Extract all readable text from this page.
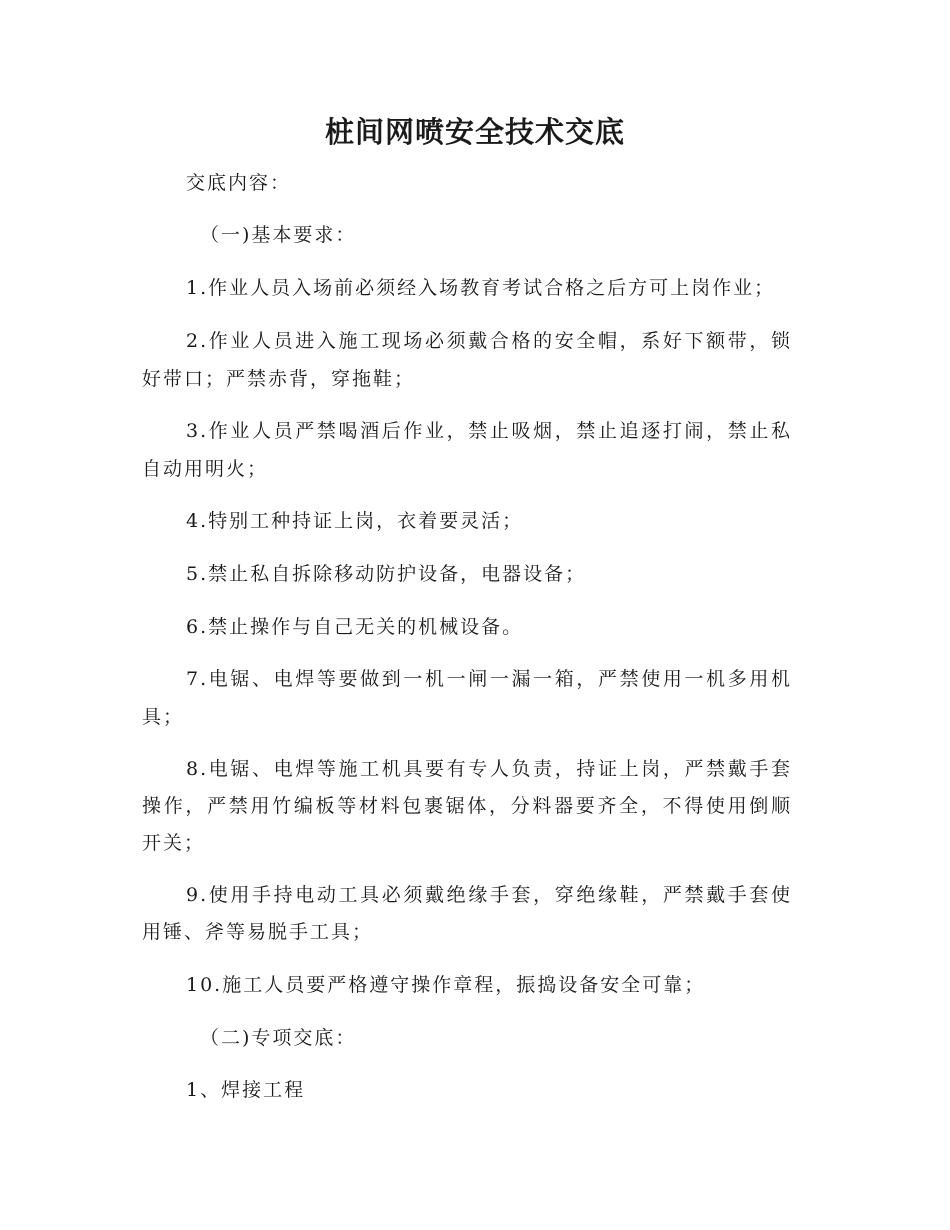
桩间网喷安全技术交底
交底内容：
（一)基本要求：
1.作业人员入场前必须经入场教育考试合格之后方可上岗作业；
2.作业人员进入施工现场必须戴合格的安全帽，系好下额带，锁
好带口；严禁赤背，穿拖鞋；
3.作业人员严禁喝酒后作业，禁止吸烟，禁止追逐打闹，禁止私
自动用明火；
4.特别工种持证上岗，衣着要灵活；
5.禁止私自拆除移动防护设备，电器设备；
6.禁止操作与自己无关的机械设备。
7.电锯、电焊等要做到一机一闸一漏一箱，严禁使用一机多用机
具；
8.电锯、电焊等施工机具要有专人负责，持证上岗，严禁戴手套
操作，严禁用竹编板等材料包裹锯体，分料器要齐全，不得使用倒顺
开关；
9.使用手持电动工具必须戴绝缘手套，穿绝缘鞋，严禁戴手套使
用锤、斧等易脱手工具；
10.施工人员要严格遵守操作章程，振捣设备安全可靠；
（二)专项交底：
1、焊接工程
